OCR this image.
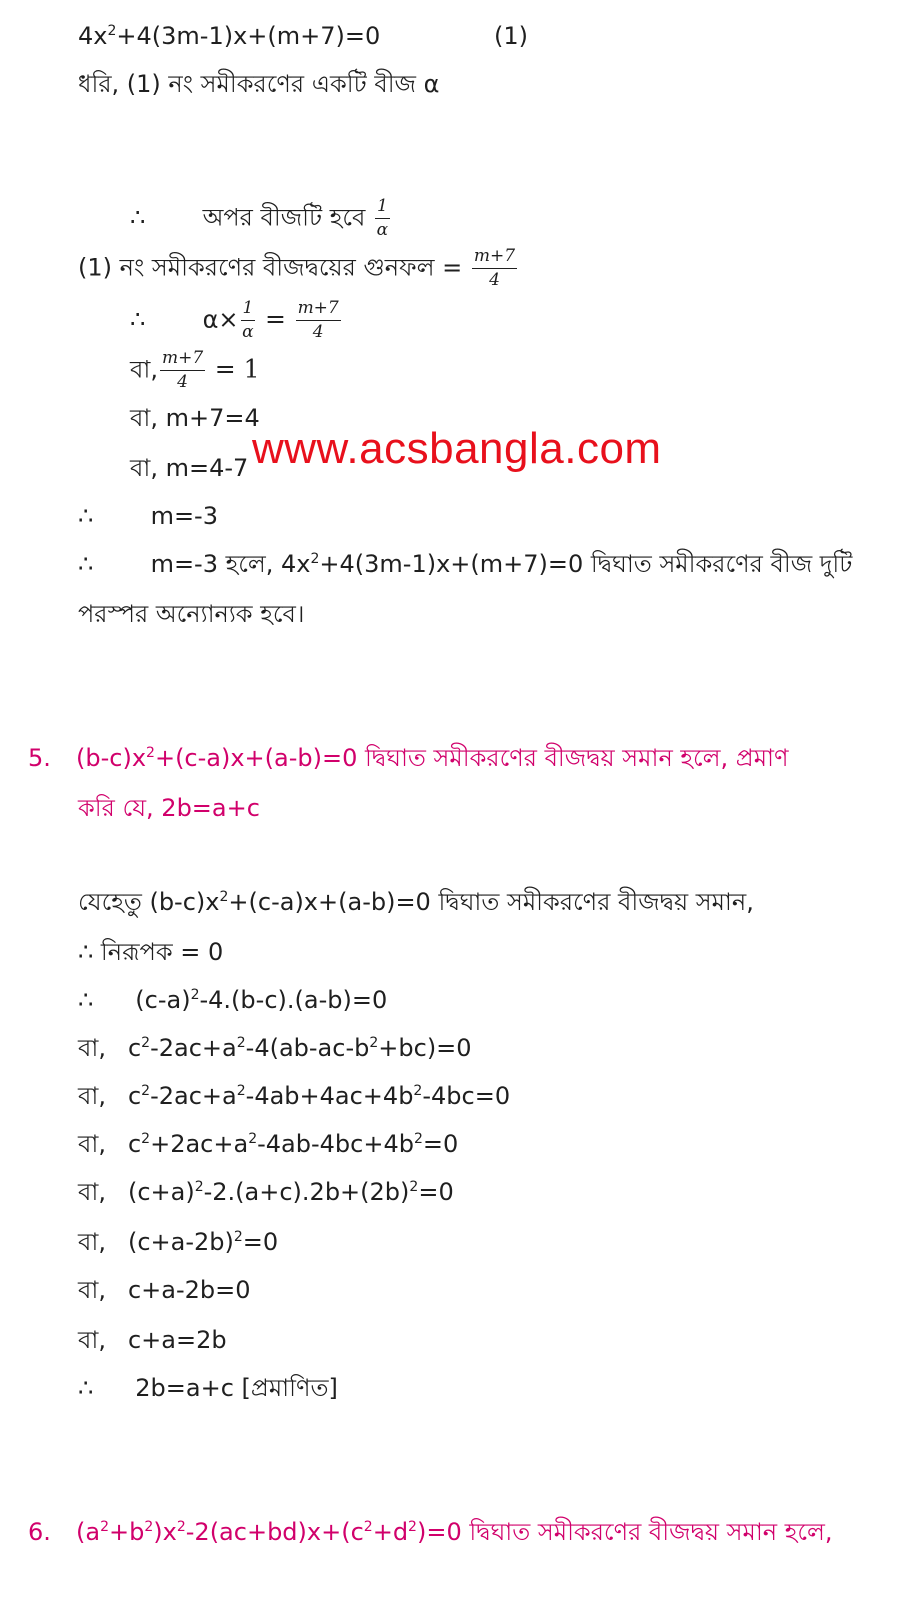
$4x^2+4(3m-1)x+(m+7)=0$	(1)
ধরি, (1) নং সমীকরণের একটি বীজ α
∴ অপর বীজটি হবে $\frac{1}{\alpha}$
(1) নং সমীকরণের বীজদ্বয়ের গুনফল = $\frac{m+7}{4}$
∴ $\alpha\times \frac{1}{\alpha} = \frac{m+7}{4}$
বা, $\frac{m+7}{4} = 1$
বা, m+7=4
বা, m=4-7 www.acsbangla.com
∴ m=-3
∴ m=-3 হলে, $4x^2+4(3m-1)x+(m+7)=0$ দ্বিঘাত সমীকরণের বীজ দুটি
পরস্পর অন্যোন্যক হবে।
5. $(b-c)x^2+(c-a)x+(a-b)=0$ দ্বিঘাত সমীকরণের বীজদ্বয় সমান হলে, প্রমাণ
করি যে, 2b=a+c
যেহেতু $(b-c)x^2+(c-a)x+(a-b)=0$ দ্বিঘাত সমীকরণের বীজদ্বয় সমান,
∴ নিরূপক = 0
∴ $(c-a)^2-4.(b-c).(a-b)=0$
বা, $c^2-2ac+a^2-4(ab-ac-b^2+bc)=0$
বা, $c^2-2ac+a^2-4ab+4ac+4b^2-4bc=0$
বা, $c^2+2ac+a^2-4ab-4bc+4b^2=0$
বা, $(c+a)^2-2.(a+c).2b+(2b)^2=0$
বা, $(c+a-2b)^2=0$
বা, c+a-2b=0
বা, c+a=2b
∴ 2b=a+c [প্রমাণিত]
6. $(a^2+b^2)x^2-2(ac+bd)x+(c^2+d^2)=0$ দ্বিঘাত সমীকরণের বীজদ্বয় সমান হলে,
